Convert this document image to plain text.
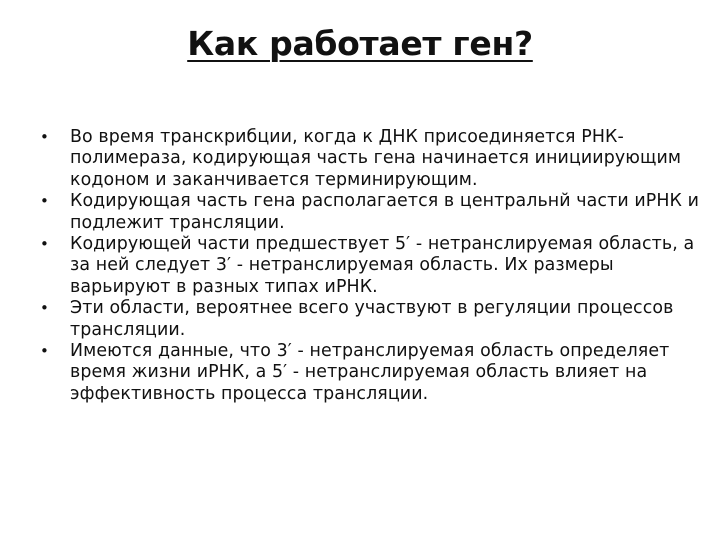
Как работает ген?
• Во время транскрибции, когда к ДНК присоединяется РНК-полимераза, кодирующая часть гена начинается инициирующим кодоном и заканчивается терминирующим.
• Кодирующая часть гена располагается в центральнй части иРНК и подлежит трансляции.
• Кодирующей части предшествует 5′ - нетранслируемая область, а за ней следует 3′ - нетранслируемая область. Их размеры варьируют в разных типах иРНК.
• Эти области, вероятнее всего участвуют в регуляции процессов трансляции.
• Имеются данные, что 3′ - нетранслируемая область определяет время жизни иРНК, а 5′ - нетранслируемая область влияет на эффективность процесса трансляции.
